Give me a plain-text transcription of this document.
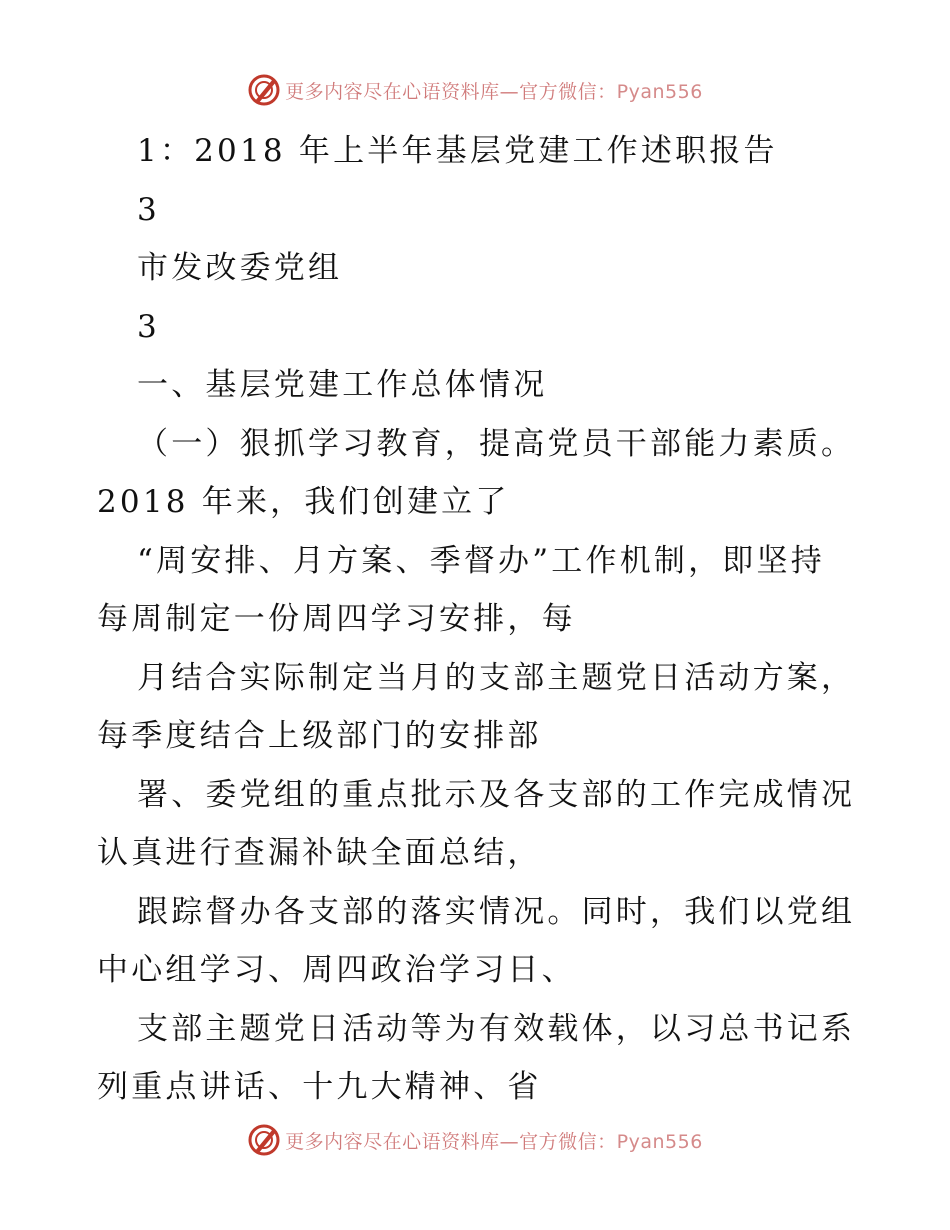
更多内容尽在心语资料库—官方微信：Pyan556
1：2018 年上半年基层党建工作述职报告
3
市发改委党组
3
一、基层党建工作总体情况
（一）狠抓学习教育，提高党员干部能力素质。
2018 年来，我们创建立了
“周安排、月方案、季督办”工作机制，即坚持
每周制定一份周四学习安排，每
月结合实际制定当月的支部主题党日活动方案，
每季度结合上级部门的安排部
署、委党组的重点批示及各支部的工作完成情况
认真进行查漏补缺全面总结，
跟踪督办各支部的落实情况。同时，我们以党组
中心组学习、周四政治学习日、
支部主题党日活动等为有效载体，以习总书记系
列重点讲话、十九大精神、省
更多内容尽在心语资料库—官方微信：Pyan556
